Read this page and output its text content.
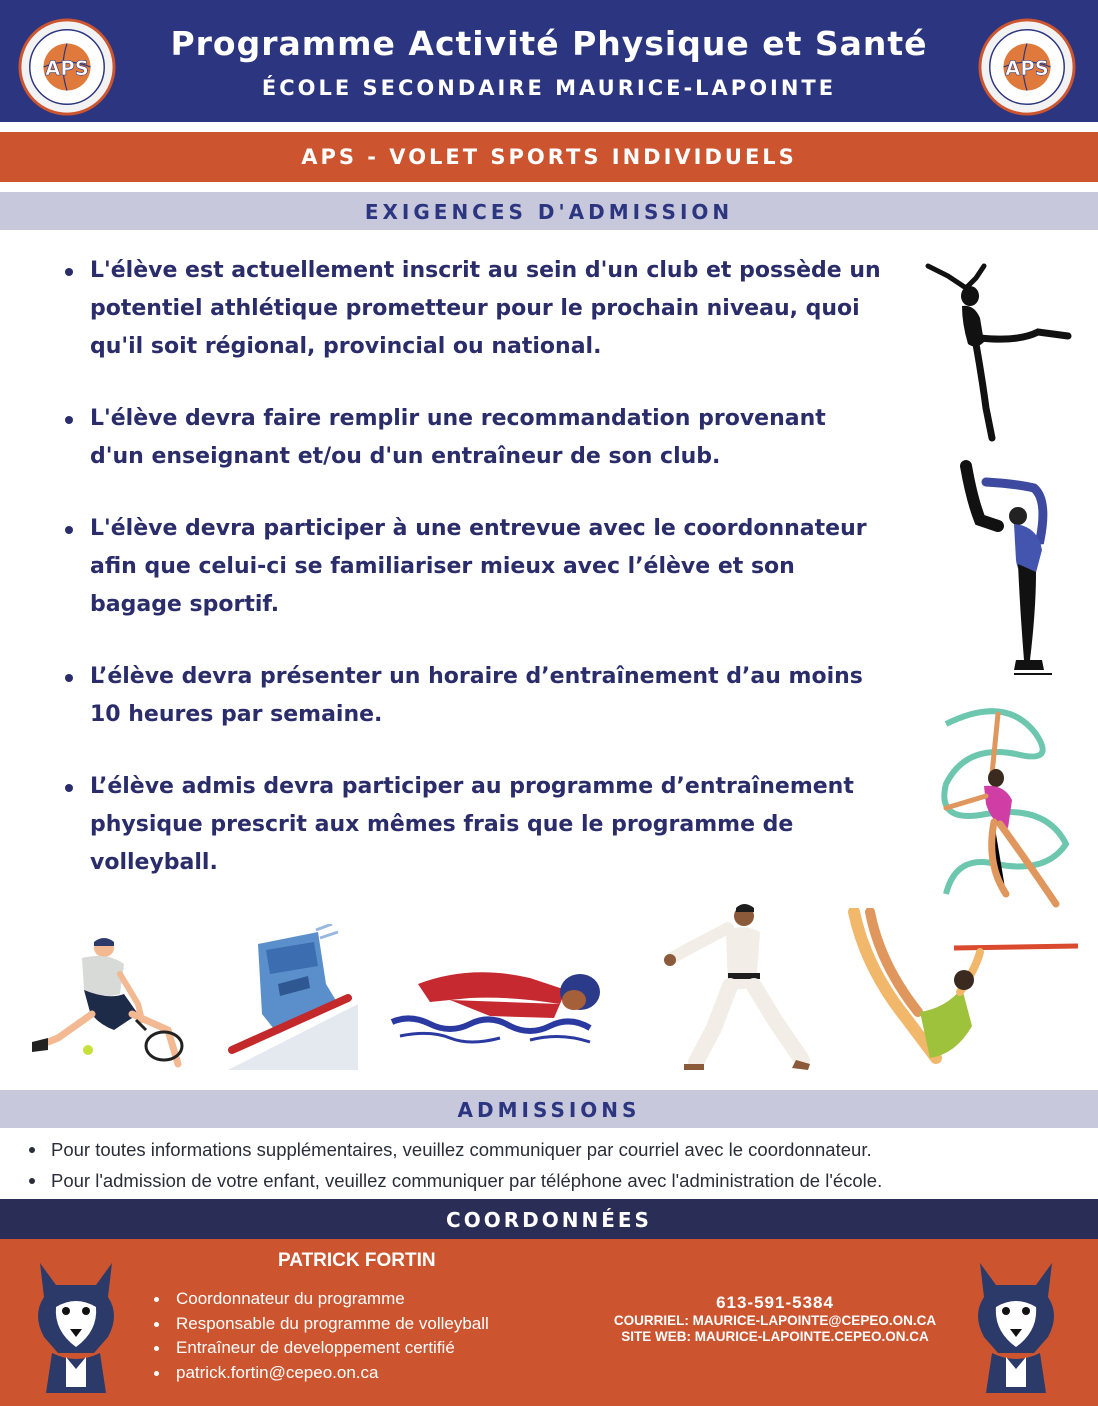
APS
Programme Activité Physique et Santé
ÉCOLE SECONDAIRE MAURICE-LAPOINTE
APS
APS - VOLET SPORTS INDIVIDUELS
EXIGENCES D'ADMISSION
L'élève est actuellement inscrit au sein d'un club et possède un
potentiel athlétique prometteur pour le prochain niveau, quoi
qu'il soit régional, provincial ou national.
L'élève devra faire remplir une recommandation provenant
d'un enseignant et/ou d'un entraîneur de son club.
L'élève devra participer à une entrevue avec le coordonnateur
afin que celui-ci se familiariser mieux avec l’élève et son
bagage sportif.
L’élève devra présenter un horaire d’entraînement d’au moins
10 heures par semaine.
L’élève admis devra participer au programme d’entraînement
physique prescrit aux mêmes frais que le programme de
volleyball.
ADMISSIONS
Pour toutes informations supplémentaires, veuillez communiquer par courriel avec le coordonnateur.
Pour l'admission de votre enfant, veuillez communiquer par téléphone avec l'administration de l'école.
COORDONNÉES
PATRICK FORTIN
Coordonnateur du programme
Responsable du programme de volleyball
Entraîneur de developpement certifié
patrick.fortin@cepeo.on.ca
613-591-5384
COURRIEL: MAURICE-LAPOINTE@CEPEO.ON.CA
SITE WEB: MAURICE-LAPOINTE.CEPEO.ON.CA
